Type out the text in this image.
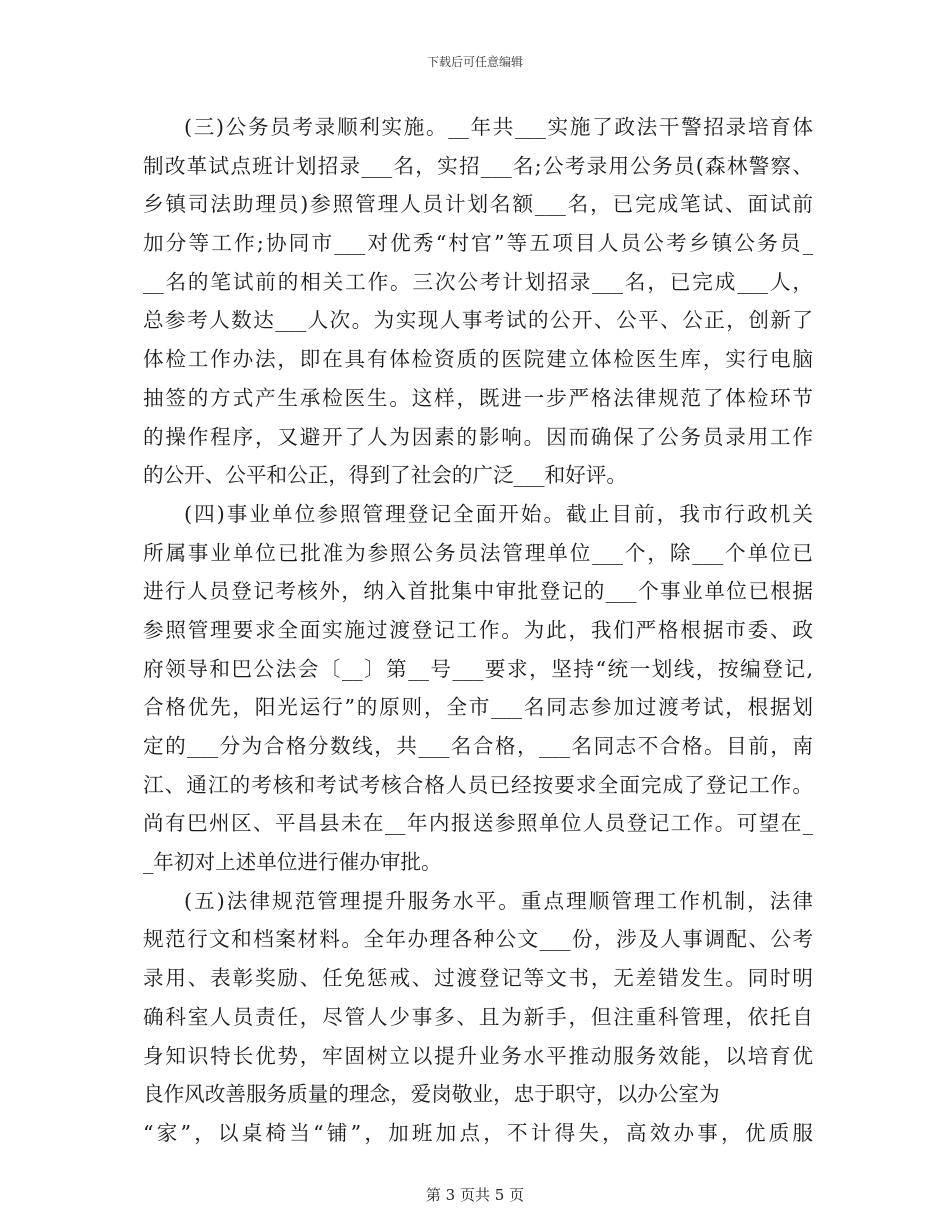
下载后可任意编辑
(三)公务员考录顺利实施。__年共___实施了政法干警招录培育体
制改革试点班计划招录___名，实招___名;公考录用公务员(森林警察、
乡镇司法助理员)参照管理人员计划名额___名，已完成笔试、面试前
加分等工作;协同市___对优秀“村官”等五项目人员公考乡镇公务员_
__名的笔试前的相关工作。三次公考计划招录___名，已完成___人，
总参考人数达___人次。为实现人事考试的公开、公平、公正，创新了
体检工作办法，即在具有体检资质的医院建立体检医生库，实行电脑
抽签的方式产生承检医生。这样，既进一步严格法律规范了体检环节
的操作程序，又避开了人为因素的影响。因而确保了公务员录用工作
的公开、公平和公正，得到了社会的广泛___和好评。
(四)事业单位参照管理登记全面开始。截止目前，我市行政机关
所属事业单位已批准为参照公务员法管理单位___个，除___个单位已
进行人员登记考核外，纳入首批集中审批登记的___个事业单位已根据
参照管理要求全面实施过渡登记工作。为此，我们严格根据市委、政
府领导和巴公法会〔__〕第__号___要求，坚持“统一划线，按编登记,
合格优先，阳光运行”的原则，全市___名同志参加过渡考试，根据划
定的___分为合格分数线，共___名合格，___名同志不合格。目前，南
江、通江的考核和考试考核合格人员已经按要求全面完成了登记工作。
尚有巴州区、平昌县未在__年内报送参照单位人员登记工作。可望在_
_年初对上述单位进行催办审批。
(五)法律规范管理提升服务水平。重点理顺管理工作机制，法律
规范行文和档案材料。全年办理各种公文___份，涉及人事调配、公考
录用、表彰奖励、任免惩戒、过渡登记等文书，无差错发生。同时明
确科室人员责任，尽管人少事多、且为新手，但注重科管理，依托自
身知识特长优势，牢固树立以提升业务水平推动服务效能，以培育优
良作风改善服务质量的理念，爱岗敬业，忠于职守，以办公室为
“家”，以桌椅当“铺”，加班加点，不计得失，高效办事，优质服
第 3 页共 5 页
